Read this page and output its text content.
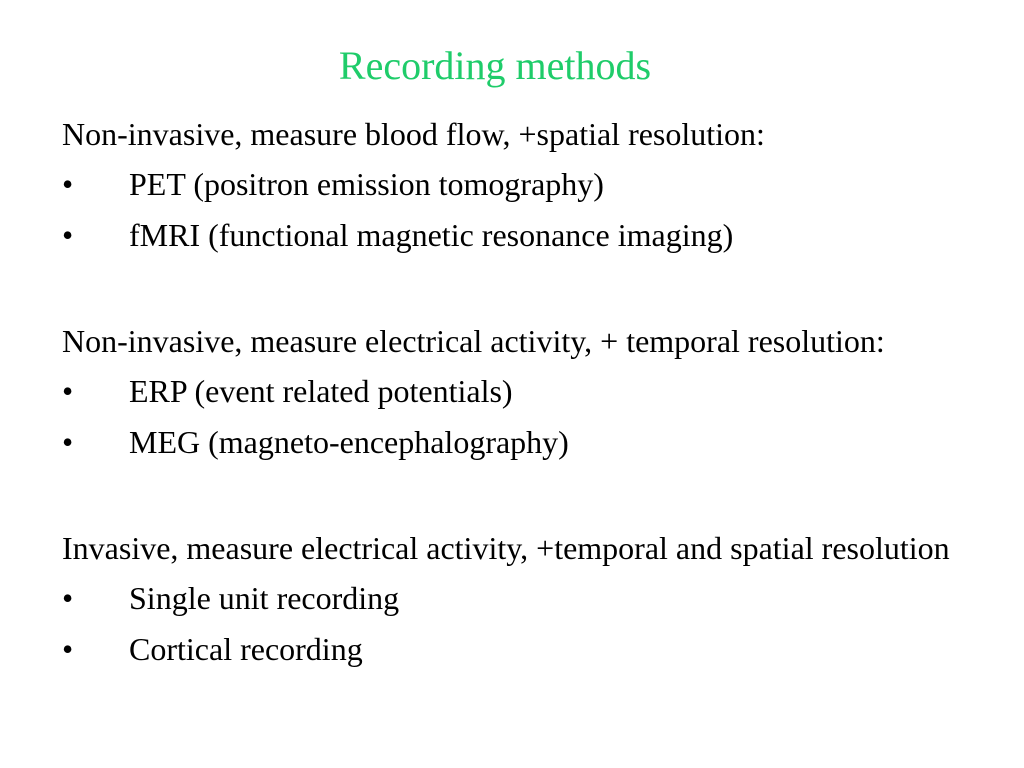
Recording methods

Non-invasive, measure blood flow, +spatial resolution:

• PET (positron emission tomography)
• fMRI (functional magnetic resonance imaging)

Non-invasive, measure electrical activity, + temporal resolution:

• ERP (event related potentials)
• MEG (magneto-encephalography)

Invasive, measure electrical activity, +temporal and spatial resolution

• Single unit recording
• Cortical recording
